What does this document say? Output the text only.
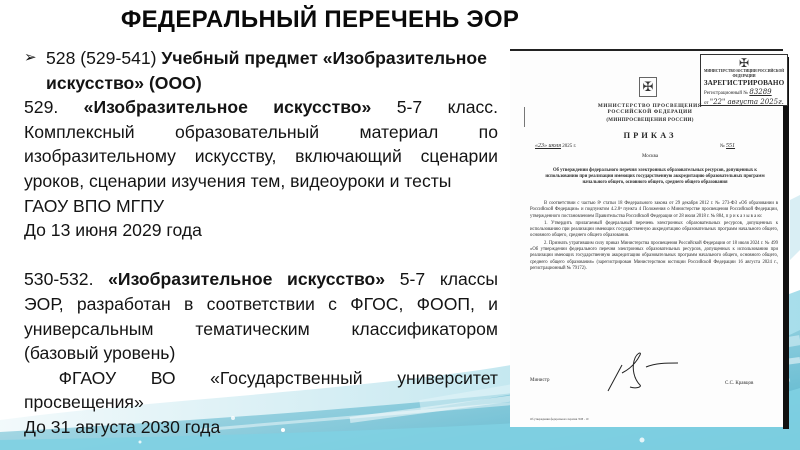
ФЕДЕРАЛЬНЫЙ ПЕРЕЧЕНЬ ЭОР
➢ 528 (529-541) Учебный предмет «Изобразительное
искусство» (ООО)
529. «Изобразительное искусство» 5-7 класс.
Комплексный образовательный материал по
изобразительному искусству, включающий сценарии
уроков, сценарии изучения тем, видеоуроки и тесты
ГАОУ ВПО МГПУ
До 13 июня 2029 года
530-532. «Изобразительное искусство» 5-7 классы
ЭОР, разработан в соответствии с ФГОС, ФООП, и
универсальным тематическим классификатором
(базовый уровень)
ФГАОУ ВО «Государственный университет
просвещения»
До 31 августа 2030 года
✠
МИНИСТЕРСТВО ЮСТИЦИИ РОССИЙСКОЙ ФЕДЕРАЦИИ
ЗАРЕГИСТРИРОВАНО
Регистрационный № 83289
от "22" августа 2025г.
✠
МИНИСТЕРСТВО ПРОСВЕЩЕНИЯ
РОССИЙСКОЙ ФЕДЕРАЦИИ
(МИНПРОСВЕЩЕНИЯ РОССИИ)
ПРИКАЗ
«23» июля 2025 г.	№ 551
Москва
Об утверждении федерального перечня электронных образовательных ресурсов, допущенных к использованию при реализации имеющих государственную аккредитацию образовательных программ начального общего, основного общего, среднего общего образования

В соответствии с частью 8¹ статьи 18 Федерального закона от 29 декабря 2012 г. № 273-ФЗ «Об образовании в Российской Федерации» и подпунктом 4.2.8³ пункта 4 Положения о Министерстве просвещения Российской Федерации, утвержденного постановлением Правительства Российской Федерации от 28 июля 2018 г. № 884, п р и к а з ы в а ю:

1. Утвердить прилагаемый федеральный перечень электронных образовательных ресурсов, допущенных к использованию при реализации имеющих государственную аккредитацию образовательных программ начального общего, основного общего, среднего общего образования.

2. Признать утратившим силу приказ Министерства просвещения Российской Федерации от 18 июля 2024 г. № 499 «Об утверждении федерального перечня электронных образовательных ресурсов, допущенных к использованию при реализации имеющих государственную аккредитацию образовательных программ начального общего, основного общего, среднего общего образования» (зарегистрирован Министерством юстиции Российской Федерации 16 августа 2024 г., регистрационный № 79172).

Министр
С.С. Кравцов
Об утверждении федерального перечня ЭОР - 10
